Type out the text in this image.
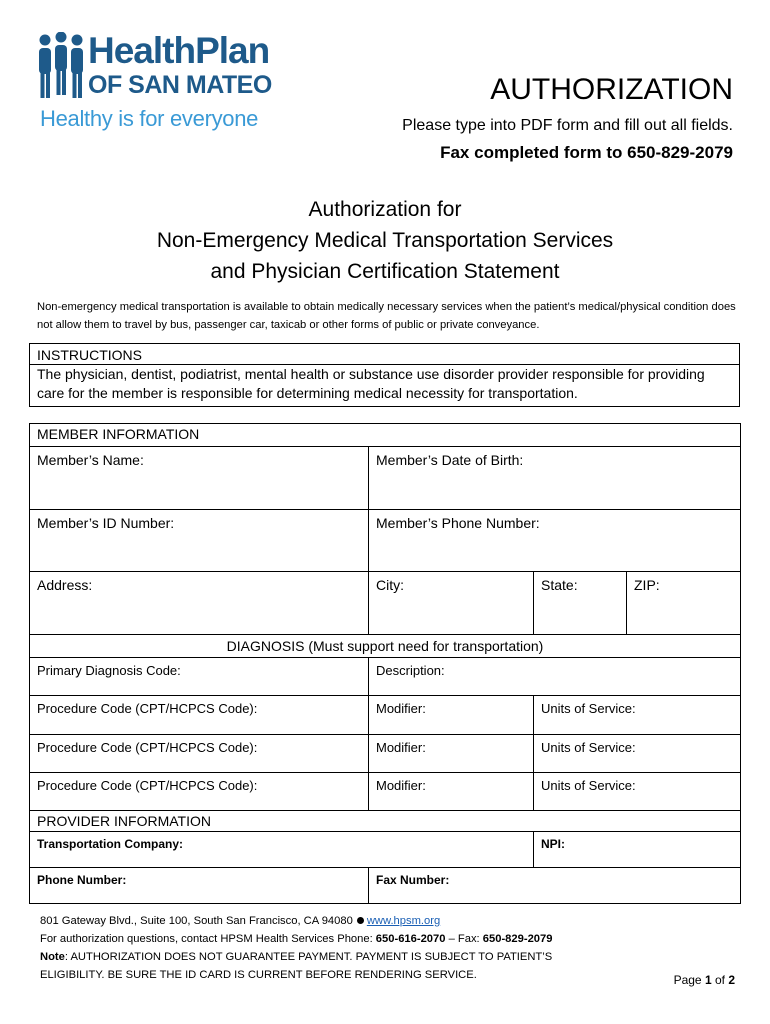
HealthPlan
OF SAN MATEO
Healthy is for everyone
AUTHORIZATION
Please type into PDF form and fill out all fields.
Fax completed form to 650-829-2079
Authorization for
Non-Emergency Medical Transportation Services
and Physician Certification Statement
Non-emergency medical transportation is available to obtain medically necessary services when the patient’s medical/physical condition does not allow them to travel by bus, passenger car, taxicab or other forms of public or private conveyance.
INSTRUCTIONS
The physician, dentist, podiatrist, mental health or substance use disorder provider responsible for providing care for the member is responsible for determining medical necessity for transportation.
MEMBER INFORMATION			
Member’s Name:	Member’s Date of Birth:		
Member’s ID Number:	Member’s Phone Number:		
Address:	City:	State:	ZIP:
DIAGNOSIS (Must support need for transportation)		
Primary Diagnosis Code:	Description:	
Procedure Code (CPT/HCPCS Code):	Modifier:	Units of Service:
Procedure Code (CPT/HCPCS Code):	Modifier:	Units of Service:
Procedure Code (CPT/HCPCS Code):	Modifier:	Units of Service:
PROVIDER INFORMATION		
Transportation Company:		NPI:
Phone Number:	Fax Number:	
801 Gateway Blvd., Suite 100, South San Francisco, CA 94080 www.hpsm.org
For authorization questions, contact HPSM Health Services Phone: 650-616-2070 – Fax: 650-829-2079
Note: AUTHORIZATION DOES NOT GUARANTEE PAYMENT. PAYMENT IS SUBJECT TO PATIENT’S
ELIGIBILITY. BE SURE THE ID CARD IS CURRENT BEFORE RENDERING SERVICE.	Page 1 of 2
